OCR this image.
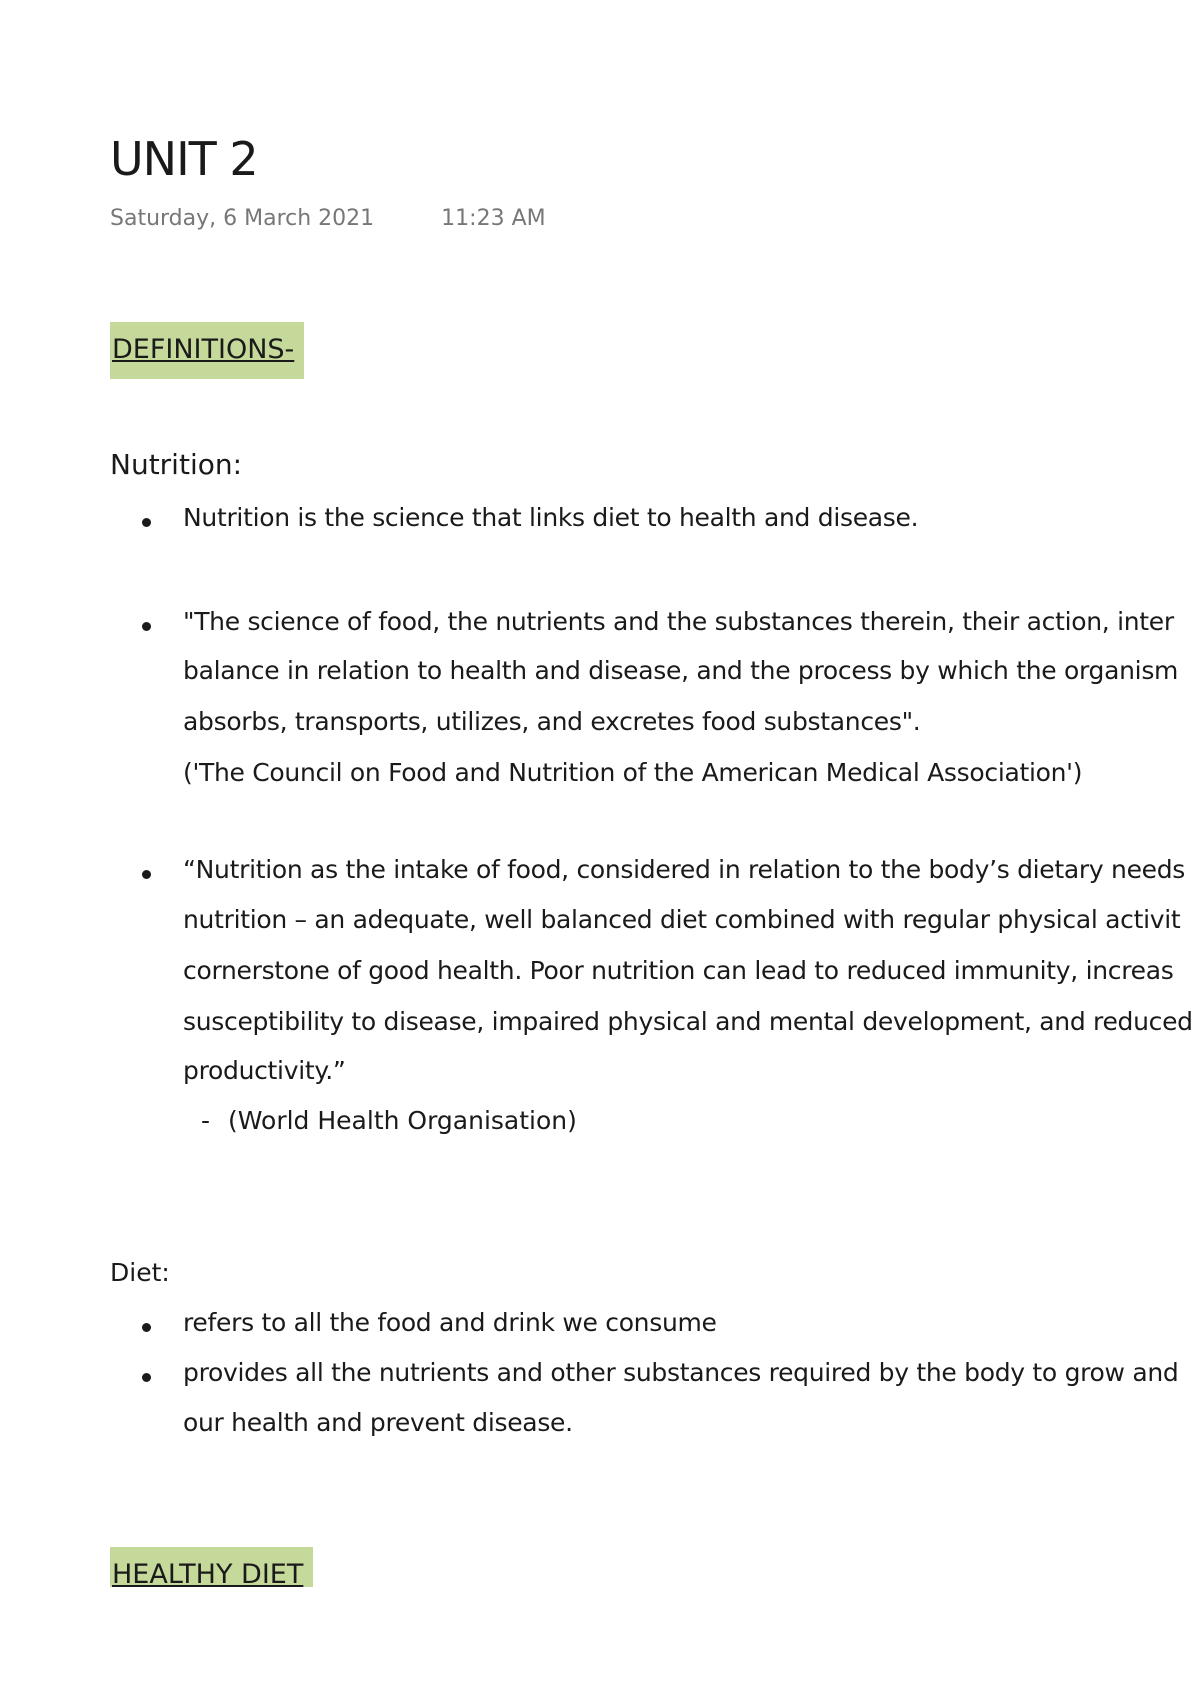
UNIT 2
Saturday, 6 March 2021	11:23 AM
DEFINITIONS-
Nutrition:
Nutrition is the science that links diet to health and disease.
"The science of food, the nutrients and the substances therein, their action, inter
balance in relation to health and disease, and the process by which the organism
absorbs, transports, utilizes, and excretes food substances".
('The Council on Food and Nutrition of the American Medical Association')
“Nutrition as the intake of food, considered in relation to the body’s dietary needs
nutrition – an adequate, well balanced diet combined with regular physical activit
cornerstone of good health. Poor nutrition can lead to reduced immunity, increas
susceptibility to disease, impaired physical and mental development, and reduced
productivity.”
- (World Health Organisation)
Diet:
refers to all the food and drink we consume
provides all the nutrients and other substances required by the body to grow and
our health and prevent disease.
HEALTHY DIET
